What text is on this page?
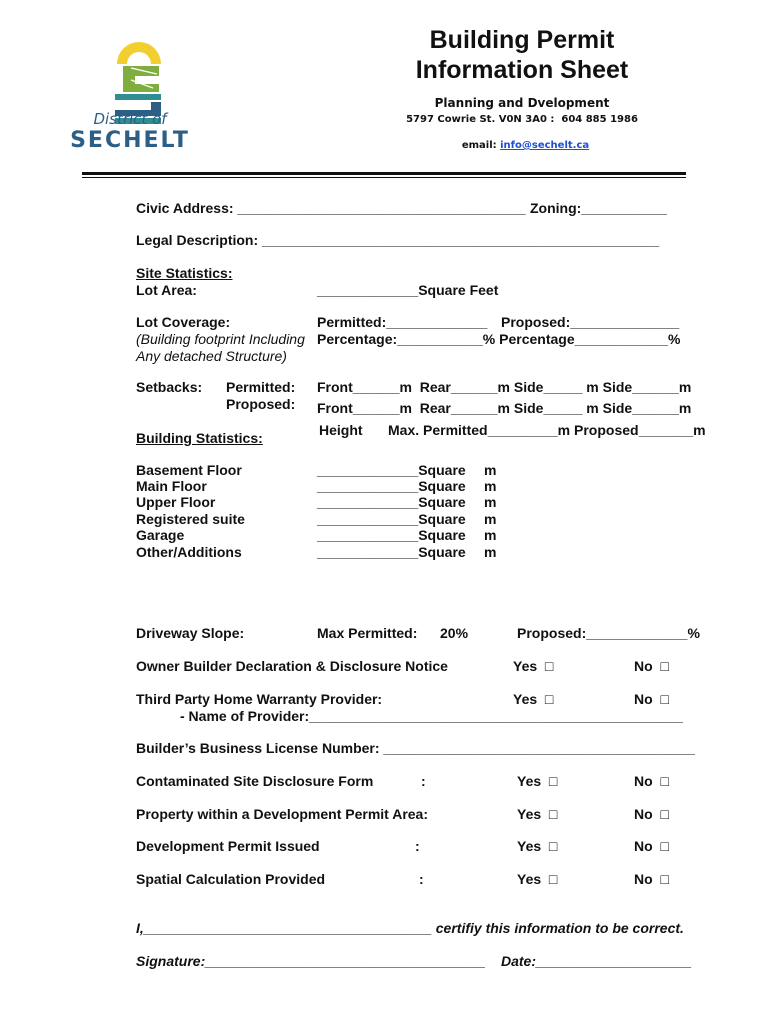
District of

SECHELT

Building Permit
Information Sheet
Planning and Dvelopment
5797 Cowrie St. V0N 3A0 :  604 885 1986

email: info@sechelt.ca

Civic Address: _____________________________________ Zoning:___________
Legal Description: ___________________________________________________
Site Statistics:
Lot Area:	_____________Square Feet
Lot Coverage:
(Building footprint Including
Any detached Structure)
Permitted:_____________ Proposed:______________
Percentage:___________% Percentage____________%
Setbacks: Permitted:
Proposed:
Front______m  Rear______m Side_____ m Side______m
Front______m  Rear______m Side_____ m Side______m
Height Max. Permitted_________m Proposed_______m
Building Statistics:
Basement Floor	_____________Square m
Main Floor	_____________Square m
Upper Floor	_____________Square m
Registered suite	_____________Square m
Garage	_____________Square m
Other/Additions	_____________Square m
Driveway Slope:	Max Permitted: 20%	Proposed:_____________%
Owner Builder Declaration & Disclosure Notice	Yes □	No □
Third Party Home Warranty Provider:	Yes □	No □
- Name of Provider:________________________________________________
Builder’s Business License Number: ________________________________________
Contaminated Site Disclosure Form	:	Yes □	No □
Property within a Development Permit Area:	Yes □	No □
Development Permit Issued	:	Yes □	No □
Spatial Calculation Provided	:	Yes □	No □
I,_____________________________________ certifiy this information to be correct.
Signature:____________________________________ Date:____________________
